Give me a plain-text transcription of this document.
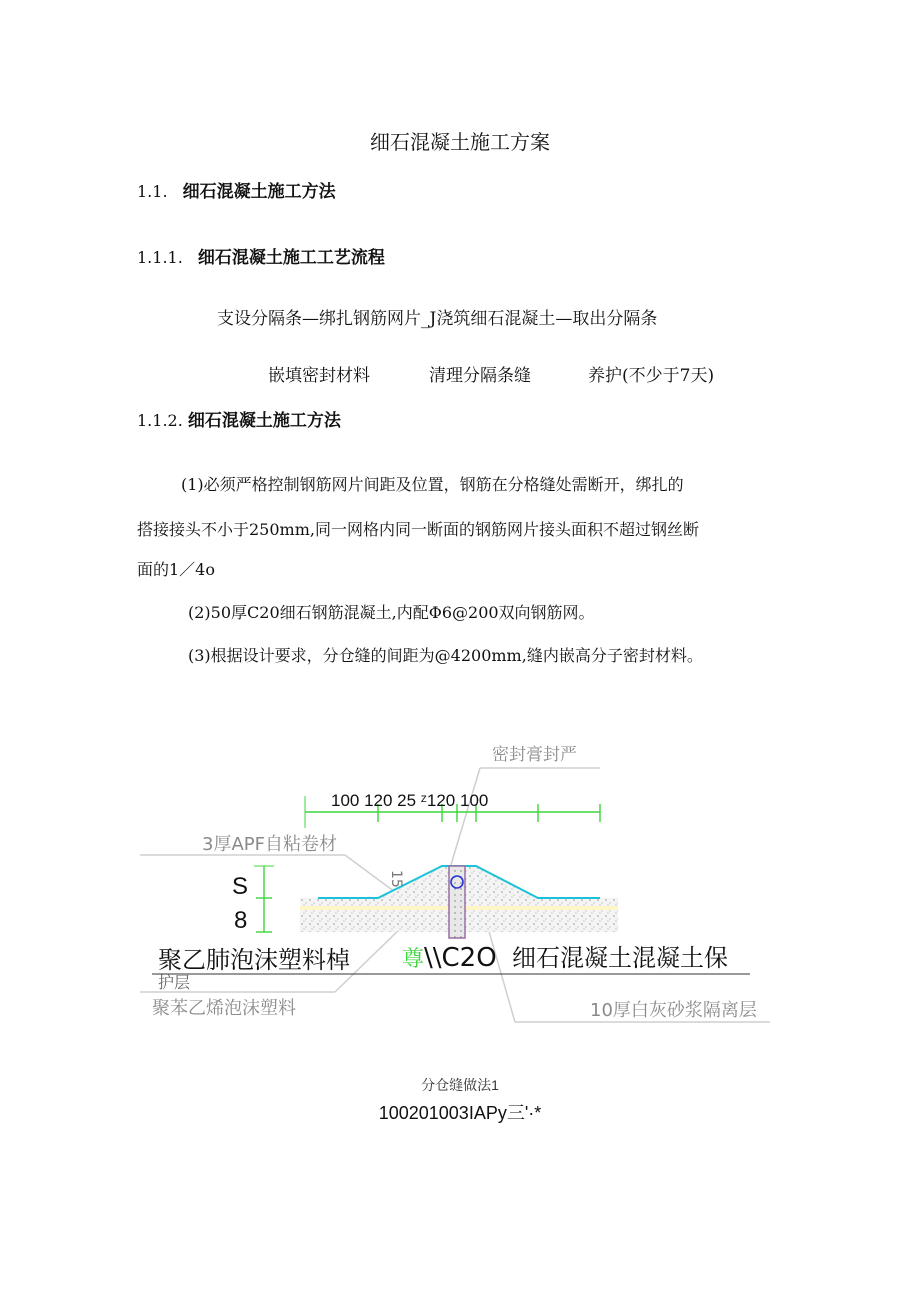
细石混凝土施工方案
1.1. 细石混凝土施工方法
1.1.1. 细石混凝土施工工艺流程
支设分隔条—绑扎钢筋网片_J浇筑细石混凝土—取出分隔条
嵌填密封材料	清理分隔条缝	养护(不少于7天)
1.1.2. 细石混凝土施工方法
(1)必须严格控制钢筋网片间距及位置，钢筋在分格缝处需断开，绑扎的
搭接接头不小于250mm,同一网格内同一断面的钢筋网片接头面积不超过钢丝断
面的1／4o
(2)50厚C20细石钢筋混凝土,内配Φ6@200双向钢筋网。
(3)根据设计要求，分仓缝的间距为@4200mm,缝内嵌高分子密封材料。
密封膏封严
100 120 25 ᶻ120 100
3厚APF自粘卷材
15
S
8
聚乙肺泡沫塑料棹 尊 \\C2O 细石混凝土混凝土保
护层
聚苯乙烯泡沫塑料	10厚白灰砂浆隔离层
分仓缝做法1
100201003IAPy三'·*
